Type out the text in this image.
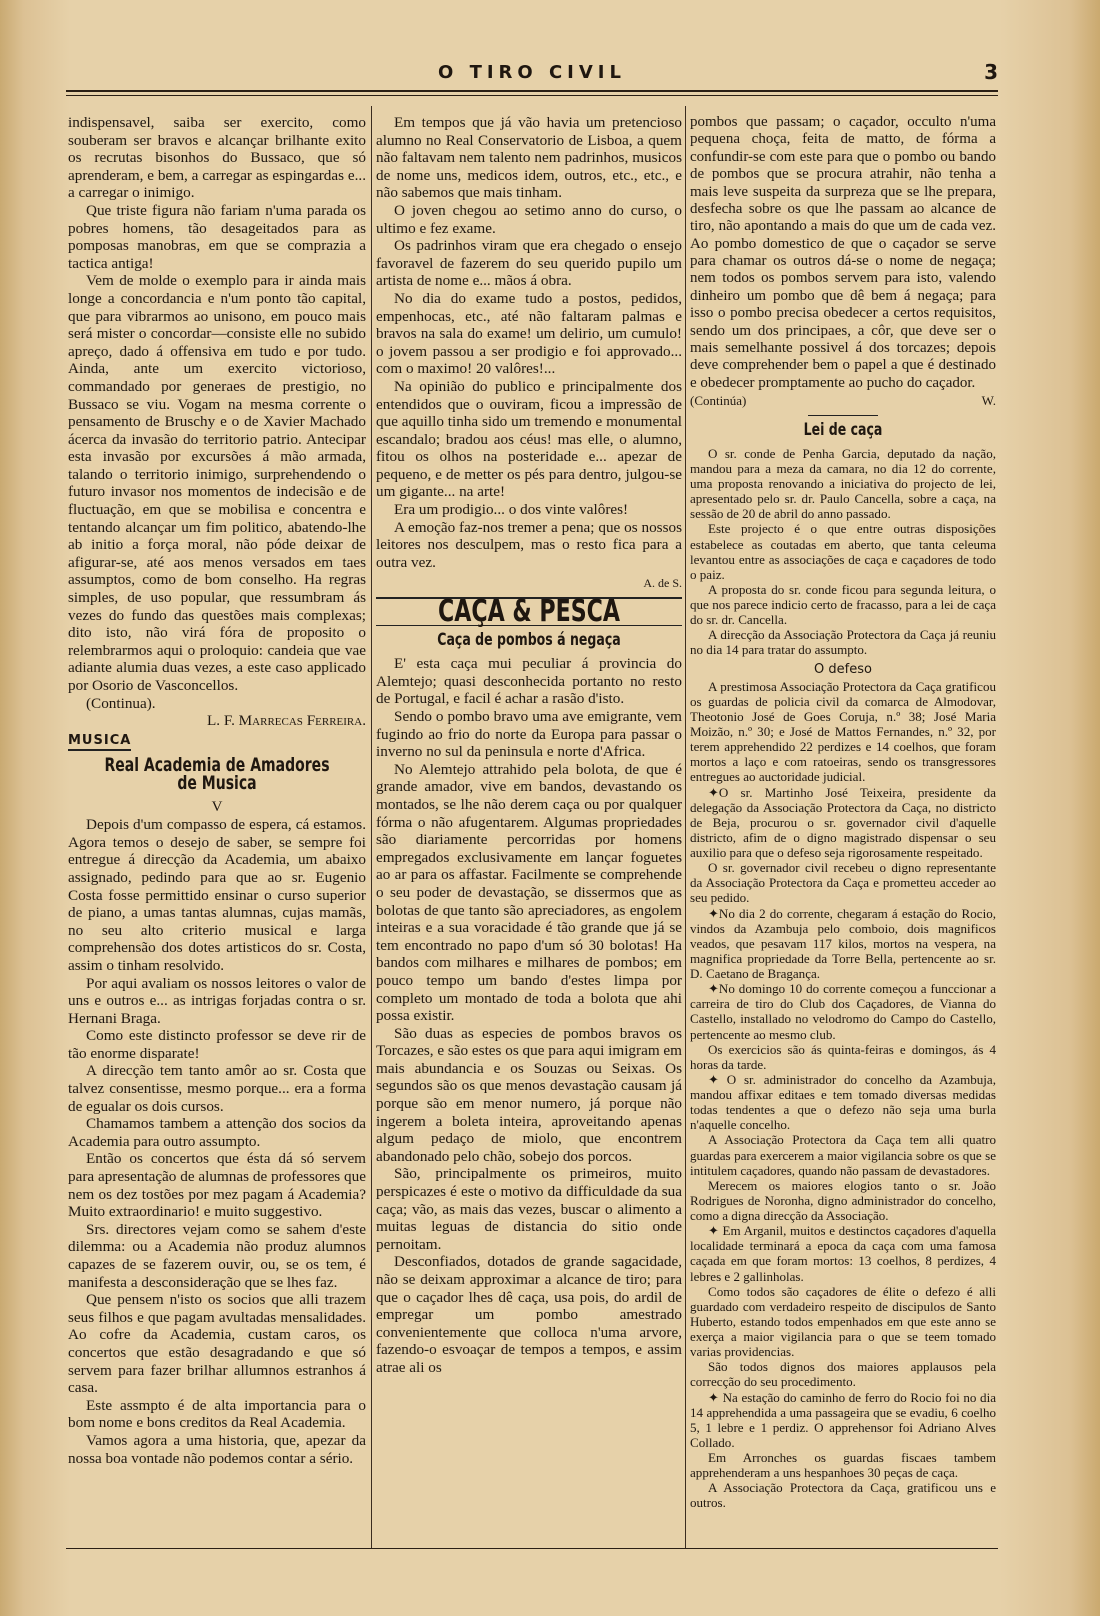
O TIRO CIVIL	3

indispensavel, saiba ser exercito, como souberam ser bravos e alcançar brilhante exito os recrutas bisonhos do Bussaco, que só aprenderam, e bem, a carregar as espingardas e... a carregar o inimigo.

Que triste figura não fariam n'uma parada os pobres homens, tão desageitados para as pomposas manobras, em que se comprazia a tactica antiga!

Vem de molde o exemplo para ir ainda mais longe a concordancia e n'um ponto tão capital, que para vibrarmos ao unisono, em pouco mais será mister o concordar—consiste elle no subido apreço, dado á offensiva em tudo e por tudo. Ainda, ante um exercito victorioso, commandado por generaes de prestigio, no Bussaco se viu. Vogam na mesma corrente o pensamento de Bruschy e o de Xavier Machado ácerca da invasão do territorio patrio. Antecipar esta invasão por excursões á mão armada, talando o territorio inimigo, surprehendendo o futuro invasor nos momentos de indecisão e de fluctuação, em que se mobilisa e concentra e tentando alcançar um fim politico, abatendo-lhe ab initio a força moral, não póde deixar de afigurar-se, até aos menos versados em taes assumptos, como de bom conselho. Ha regras simples, de uso popular, que ressumbram ás vezes do fundo das questões mais complexas; dito isto, não virá fóra de proposito o relembrarmos aqui o proloquio: candeia que vae adiante alumia duas vezes, a este caso applicado por Osorio de Vasconcellos.

(Continua).

L. F. Marrecas Ferreira.
MUSICA
Real Academia de Amadores de Musica
V

Depois d'um compasso de espera, cá estamos. Agora temos o desejo de saber, se sempre foi entregue á direcção da Academia, um abaixo assignado, pedindo para que ao sr. Eugenio Costa fosse permittido ensinar o curso superior de piano, a umas tantas alumnas, cujas mamãs, no seu alto criterio musical e larga comprehensão dos dotes artisticos do sr. Costa, assim o tinham resolvido.

Por aqui avaliam os nossos leitores o valor de uns e outros e... as intrigas forjadas contra o sr. Hernani Braga.

Como este distincto professor se deve rir de tão enorme disparate!

A direcção tem tanto amôr ao sr. Costa que talvez consentisse, mesmo porque... era a forma de egualar os dois cursos.

Chamamos tambem a attenção dos socios da Academia para outro assumpto.

Então os concertos que ésta dá só servem para apresentação de alumnas de professores que nem os dez tostões por mez pagam á Academia? Muito extraordinario! e muito suggestivo.

Srs. directores vejam como se sahem d'este dilemma: ou a Academia não produz alumnos capazes de se fazerem ouvir, ou, se os tem, é manifesta a desconsideração que se lhes faz.

Que pensem n'isto os socios que alli trazem seus filhos e que pagam avultadas mensalidades. Ao cofre da Academia, custam caros, os concertos que estão desagradando e que só servem para fazer brilhar allumnos estranhos á casa.

Este assmpto é de alta importancia para o bom nome e bons creditos da Real Academia.

Vamos agora a uma historia, que, apezar da nossa boa vontade não podemos contar a sério.

Em tempos que já vão havia um pretencioso alumno no Real Conservatorio de Lisboa, a quem não faltavam nem talento nem padrinhos, musicos de nome uns, medicos idem, outros, etc., etc., e não sabemos que mais tinham.

O joven chegou ao setimo anno do curso, o ultimo e fez exame.

Os padrinhos viram que era chegado o ensejo favoravel de fazerem do seu querido pupilo um artista de nome e... mãos á obra.

No dia do exame tudo a postos, pedidos, empenhocas, etc., até não faltaram palmas e bravos na sala do exame! um delirio, um cumulo! o jovem passou a ser prodigio e foi approvado... com o maximo! 20 valôres!...

Na opinião do publico e principalmente dos entendidos que o ouviram, ficou a impressão de que aquillo tinha sido um tremendo e monumental escandalo; bradou aos céus! mas elle, o alumno, fitou os olhos na posteridade e... apezar de pequeno, e de metter os pés para dentro, julgou-se um gigante... na arte!

Era um prodigio... o dos vinte valôres!

A emoção faz-nos tremer a pena; que os nossos leitores nos desculpem, mas o resto fica para a outra vez.

A. de S.
CAÇA & PESCA
Caça de pombos á negaça

E' esta caça mui peculiar á provincia do Alemtejo; quasi desconhecida portanto no resto de Portugal, e facil é achar a rasão d'isto.

Sendo o pombo bravo uma ave emigrante, vem fugindo ao frio do norte da Europa para passar o inverno no sul da peninsula e norte d'Africa.

No Alemtejo attrahido pela bolota, de que é grande amador, vive em bandos, devastando os montados, se lhe não derem caça ou por qualquer fórma o não afugentarem. Algumas propriedades são diariamente percorridas por homens empregados exclusivamente em lançar foguetes ao ar para os affastar. Facilmente se comprehende o seu poder de devastação, se dissermos que as bolotas de que tanto são apreciadores, as engolem inteiras e a sua voracidade é tão grande que já se tem encontrado no papo d'um só 30 bolotas! Ha bandos com milhares e milhares de pombos; em pouco tempo um bando d'estes limpa por completo um montado de toda a bolota que ahi possa existir.

São duas as especies de pombos bravos os Torcazes, e são estes os que para aqui imigram em mais abundancia e os Souzas ou Seixas. Os segundos são os que menos devastação causam já porque são em menor numero, já porque não ingerem a boleta inteira, aproveitando apenas algum pedaço de miolo, que encontrem abandonado pelo chão, sobejo dos porcos.

São, principalmente os primeiros, muito perspicazes é este o motivo da difficuldade da sua caça; vão, as mais das vezes, buscar o alimento a muitas leguas de distancia do sitio onde pernoitam.

Desconfiados, dotados de grande sagacidade, não se deixam approximar a alcance de tiro; para que o caçador lhes dê caça, usa pois, do ardil de empregar um pombo amestrado convenientemente que colloca n'uma arvore, fazendo-o esvoaçar de tempos a tempos, e assim atrae ali os

pombos que passam; o caçador, occulto n'uma pequena choça, feita de matto, de fórma a confundir-se com este para que o pombo ou bando de pombos que se procura atrahir, não tenha a mais leve suspeita da surpreza que se lhe prepara, desfecha sobre os que lhe passam ao alcance de tiro, não apontando a mais do que um de cada vez. Ao pombo domestico de que o caçador se serve para chamar os outros dá-se o nome de negaça; nem todos os pombos servem para isto, valendo dinheiro um pombo que dê bem á negaça; para isso o pombo precisa obedecer a certos requisitos, sendo um dos principaes, a côr, que deve ser o mais semelhante possivel á dos torcazes; depois deve comprehender bem o papel a que é destinado e obedecer promptamente ao pucho do caçador.

(Continúa)	W.
Lei de caça

O sr. conde de Penha Garcia, deputado da nação, mandou para a meza da camara, no dia 12 do corrente, uma proposta renovando a iniciativa do projecto de lei, apresentado pelo sr. dr. Paulo Cancella, sobre a caça, na sessão de 20 de abril do anno passado.

Este projecto é o que entre outras disposições estabelece as coutadas em aberto, que tanta celeuma levantou entre as associações de caça e caçadores de todo o paiz.

A proposta do sr. conde ficou para segunda leitura, o que nos parece indicio certo de fracasso, para a lei de caça do sr. dr. Cancella.

A direcção da Associação Protectora da Caça já reuniu no dia 14 para tratar do assumpto.

O defeso

A prestimosa Associação Protectora da Caça gratificou os guardas de policia civil da comarca de Almodovar, Theotonio José de Goes Coruja, n.º 38; José Maria Moizão, n.º 30; e José de Mattos Fernandes, n.º 32, por terem apprehendido 22 perdizes e 14 coelhos, que foram mortos a laço e com ratoeiras, sendo os transgressores entregues ao auctoridade judicial.

✦O sr. Martinho José Teixeira, presidente da delegação da Associação Protectora da Caça, no districto de Beja, procurou o sr. governador civil d'aquelle districto, afim de o digno magistrado dispensar o seu auxilio para que o defeso seja rigorosamente respeitado.

O sr. governador civil recebeu o digno representante da Associação Protectora da Caça e prometteu acceder ao seu pedido.

✦No dia 2 do corrente, chegaram á estação do Rocio, vindos da Azambuja pelo comboio, dois magnificos veados, que pesavam 117 kilos, mortos na vespera, na magnifica propriedade da Torre Bella, pertencente ao sr. D. Caetano de Bragança.

✦No domingo 10 do corrente começou a funccionar a carreira de tiro do Club dos Caçadores, de Vianna do Castello, installado no velodromo do Campo do Castello, pertencente ao mesmo club.

Os exercicios são ás quinta-feiras e domingos, ás 4 horas da tarde.

✦ O sr. administrador do concelho da Azambuja, mandou affixar editaes e tem tomado diversas medidas todas tendentes a que o defezo não seja uma burla n'aquelle concelho.

A Associação Protectora da Caça tem alli quatro guardas para exercerem a maior vigilancia sobre os que se intitulem caçadores, quando não passam de devastadores.

Merecem os maiores elogios tanto o sr. João Rodrigues de Noronha, digno administrador do concelho, como a digna direcção da Associação.

✦ Em Arganil, muitos e destinctos caçadores d'aquella localidade terminará a epoca da caça com uma famosa caçada em que foram mortos: 13 coelhos, 8 perdizes, 4 lebres e 2 gallinholas.

Como todos são caçadores de élite o defezo é alli guardado com verdadeiro respeito de discipulos de Santo Huberto, estando todos empenhados em que este anno se exerça a maior vigilancia para o que se teem tomado varias providencias.

São todos dignos dos maiores applausos pela correcção do seu procedimento.

✦ Na estação do caminho de ferro do Rocio foi no dia 14 apprehendida a uma passageira que se evadiu, 6 coelho 5, 1 lebre e 1 perdiz. O apprehensor foi Adriano Alves Collado.

Em Arronches os guardas fiscaes tambem apprehenderam a uns hespanhoes 30 peças de caça.

A Associação Protectora da Caça, gratificou uns e outros.
